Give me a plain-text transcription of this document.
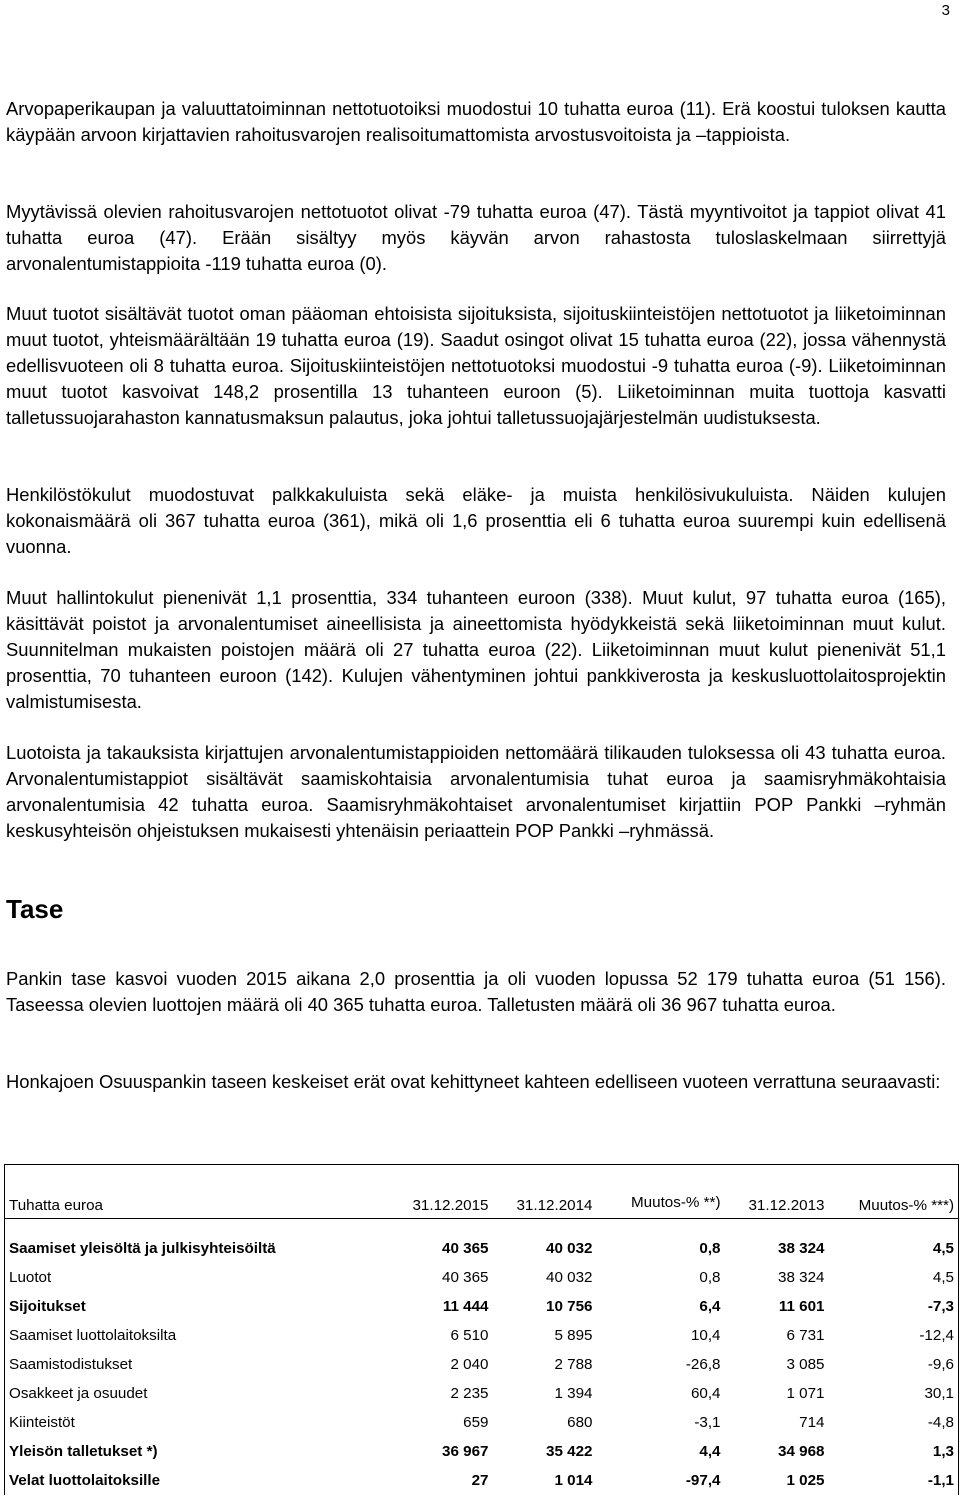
3

Arvopaperikaupan ja valuuttatoiminnan nettotuotoiksi muodostui 10 tuhatta euroa (11). Erä koostui tuloksen kautta käypään arvoon kirjattavien rahoitusvarojen realisoitumattomista arvostusvoitoista ja –tappioista.

Myytävissä olevien rahoitusvarojen nettotuotot olivat -79 tuhatta euroa (47). Tästä myyntivoitot ja tappiot olivat 41 tuhatta euroa (47). Erään sisältyy myös käyvän arvon rahastosta tuloslaskelmaan siirrettyjä arvonalentumistappioita -119 tuhatta euroa (0).

Muut tuotot sisältävät tuotot oman pääoman ehtoisista sijoituksista, sijoituskiinteistöjen nettotuotot ja liiketoiminnan muut tuotot, yhteismäärältään 19 tuhatta euroa (19). Saadut osingot olivat 15 tuhatta euroa (22), jossa vähennystä edellisvuoteen oli 8 tuhatta euroa. Sijoituskiinteistöjen nettotuotoksi muodostui -9 tuhatta euroa (-9). Liiketoiminnan muut tuotot kasvoivat 148,2 prosentilla 13 tuhanteen euroon (5). Liiketoiminnan muita tuottoja kasvatti talletussuojarahaston kannatusmaksun palautus, joka johtui talletussuojajärjestelmän uudistuksesta.

Henkilöstökulut muodostuvat palkkakuluista sekä eläke- ja muista henkilösivukuluista. Näiden kulujen kokonaismäärä oli 367 tuhatta euroa (361), mikä oli 1,6 prosenttia eli 6 tuhatta euroa suurempi kuin edellisenä vuonna.

Muut hallintokulut pienenivät 1,1 prosenttia, 334 tuhanteen euroon (338). Muut kulut, 97 tuhatta euroa (165), käsittävät poistot ja arvonalentumiset aineellisista ja aineettomista hyödykkeistä sekä liiketoiminnan muut kulut. Suunnitelman mukaisten poistojen määrä oli 27 tuhatta euroa (22). Liiketoiminnan muut kulut pienenivät 51,1 prosenttia, 70 tuhanteen euroon (142). Kulujen vähentyminen johtui pankkiverosta ja keskusluottolaitosprojektin valmistumisesta.

Luotoista ja takauksista kirjattujen arvonalentumistappioiden nettomäärä tilikauden tuloksessa oli 43 tuhatta euroa. Arvonalentumistappiot sisältävät saamiskohtaisia arvonalentumisia tuhat euroa ja saamisryhmäkohtaisia arvonalentumisia 42 tuhatta euroa. Saamisryhmäkohtaiset arvonalentumiset kirjattiin POP Pankki –ryhmän keskusyhteisön ohjeistuksen mukaisesti yhtenäisin periaattein POP Pankki –ryhmässä.

Tase

Pankin tase kasvoi vuoden 2015 aikana 2,0 prosenttia ja oli vuoden lopussa 52 179 tuhatta euroa (51 156). Taseessa olevien luottojen määrä oli 40 365 tuhatta euroa. Talletusten määrä oli 36 967 tuhatta euroa.

Honkajoen Osuuspankin taseen keskeiset erät ovat kehittyneet kahteen edelliseen vuoteen verrattuna seuraavasti:

Tuhatta euroa	31.12.2015	31.12.2014	Muutos-% **)	31.12.2013	Muutos-% ***)

Saamiset yleisöltä ja julkisyhteisöiltä	40 365	40 032	0,8	38 324	4,5
Luotot	40 365	40 032	0,8	38 324	4,5
Sijoitukset	11 444	10 756	6,4	11 601	-7,3
Saamiset luottolaitoksilta	6 510	5 895	10,4	6 731	-12,4
Saamistodistukset	2 040	2 788	-26,8	3 085	-9,6
Osakkeet ja osuudet	2 235	1 394	60,4	1 071	30,1
Kiinteistöt	659	680	-3,1	714	-4,8
Yleisön talletukset *)	36 967	35 422	4,4	34 968	1,3
Velat luottolaitoksille	27	1 014	-97,4	1 025	-1,1
